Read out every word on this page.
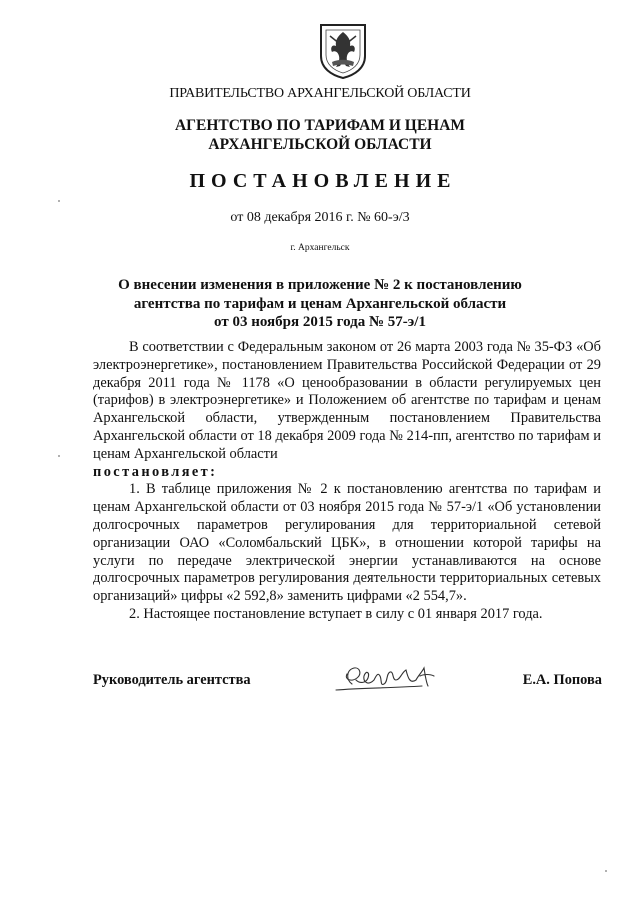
ПРАВИТЕЛЬСТВО АРХАНГЕЛЬСКОЙ ОБЛАСТИ
АГЕНТСТВО ПО ТАРИФАМ И ЦЕНАМ
АРХАНГЕЛЬСКОЙ ОБЛАСТИ
ПОСТАНОВЛЕНИЕ
от 08 декабря 2016 г. № 60-э/3
г. Архангельск
О внесении изменения в приложение № 2 к постановлению
агентства по тарифам и ценам Архангельской области
от 03 ноября 2015 года № 57-э/1

В соответствии с Федеральным законом от 26 марта 2003 года № 35-ФЗ «Об электроэнергетике», постановлением Правительства Российской Федерации от 29 декабря 2011 года № 1178 «О ценообразовании в области регулируемых цен (тарифов) в электроэнергетике» и Положением об агентстве по тарифам и ценам Архангельской области, утвержденным постановлением Правительства Архангельской области от 18 декабря 2009 года № 214-пп, агентство по тарифам и ценам Архангельской области

постановляет:

1. В таблице приложения № 2 к постановлению агентства по тарифам и ценам Архангельской области от 03 ноября 2015 года № 57-э/1 «Об установлении долгосрочных параметров регулирования для территориальной сетевой организации ОАО «Соломбальский ЦБК», в отношении которой тарифы на услуги по передаче электрической энергии устанавливаются на основе долгосрочных параметров регулирования деятельности территориальных сетевых организаций» цифры «2 592,8» заменить цифрами «2 554,7».

2. Настоящее постановление вступает в силу с 01 января 2017 года.

Руководитель агентства	Е.А. Попова
